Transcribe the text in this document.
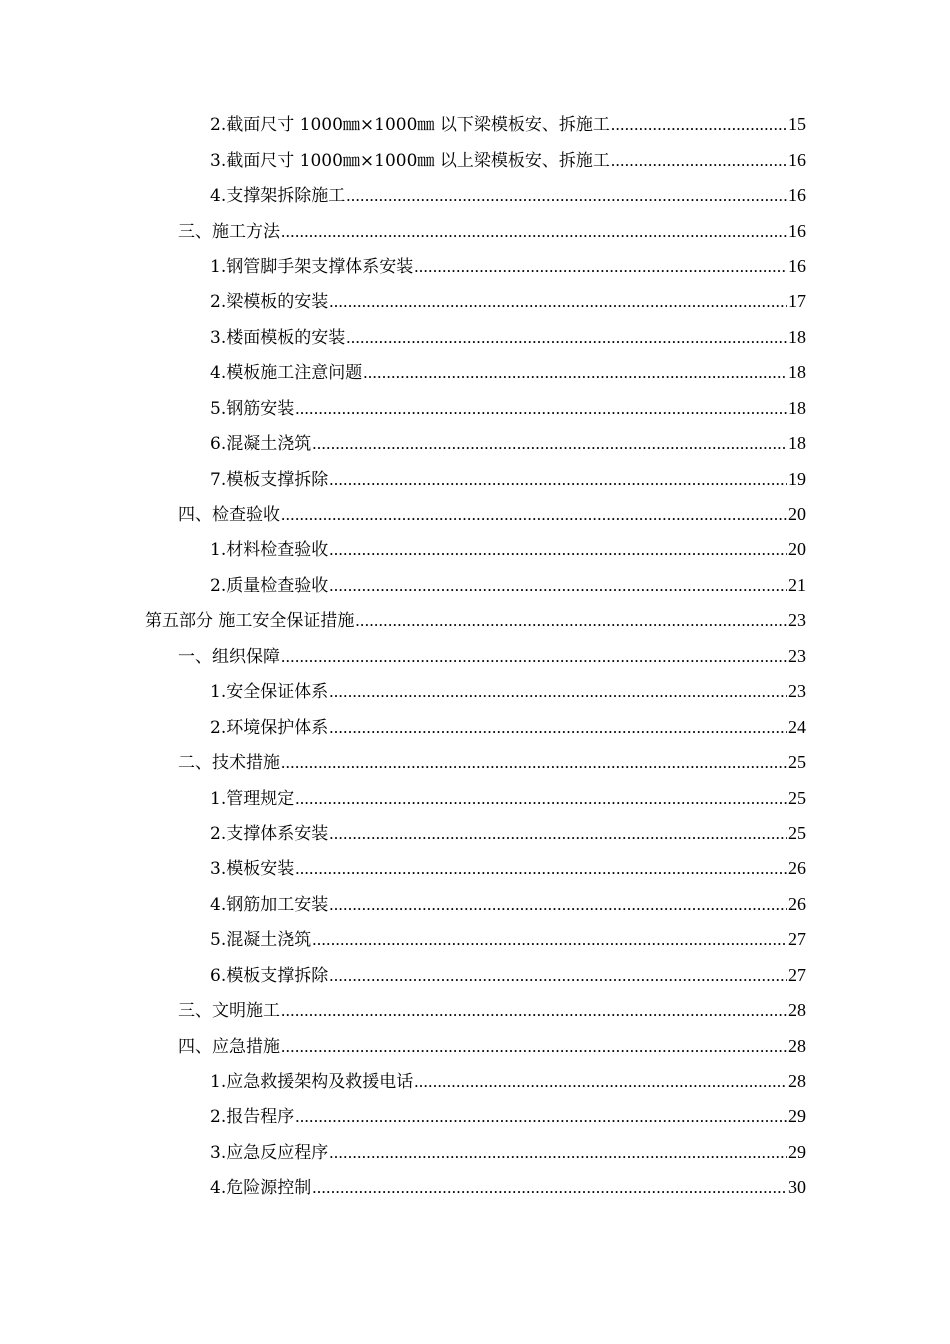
2. 截面尺寸 1000㎜×1000㎜ 以下梁模板安、拆施工 .....	15
3. 截面尺寸 1000㎜×1000㎜ 以上梁模板安、拆施工 .....	16
4. 支撑架拆除施工 .....	16
三、施工方法 .....	16
1. 钢管脚手架支撑体系安装 .....	16
2. 梁模板的安装 .....	17
3. 楼面模板的安装 .....	18
4. 模板施工注意问题 .....	18
5. 钢筋安装 .....	18
6. 混凝土浇筑 .....	18
7. 模板支撑拆除 .....	19
四、检查验收 .....	20
1. 材料检查验收 .....	20
2. 质量检查验收 .....	21
第五部分 施工安全保证措施 .....	23
一、组织保障 .....	23
1. 安全保证体系 .....	23
2. 环境保护体系 .....	24
二、技术措施 .....	25
1. 管理规定 .....	25
2. 支撑体系安装 .....	25
3. 模板安装 .....	26
4. 钢筋加工安装 .....	26
5. 混凝土浇筑 .....	27
6. 模板支撑拆除 .....	27
三、文明施工 .....	28
四、应急措施 .....	28
1. 应急救援架构及救援电话 .....	28
2. 报告程序 .....	29
3. 应急反应程序 .....	29
4. 危险源控制 .....	30
